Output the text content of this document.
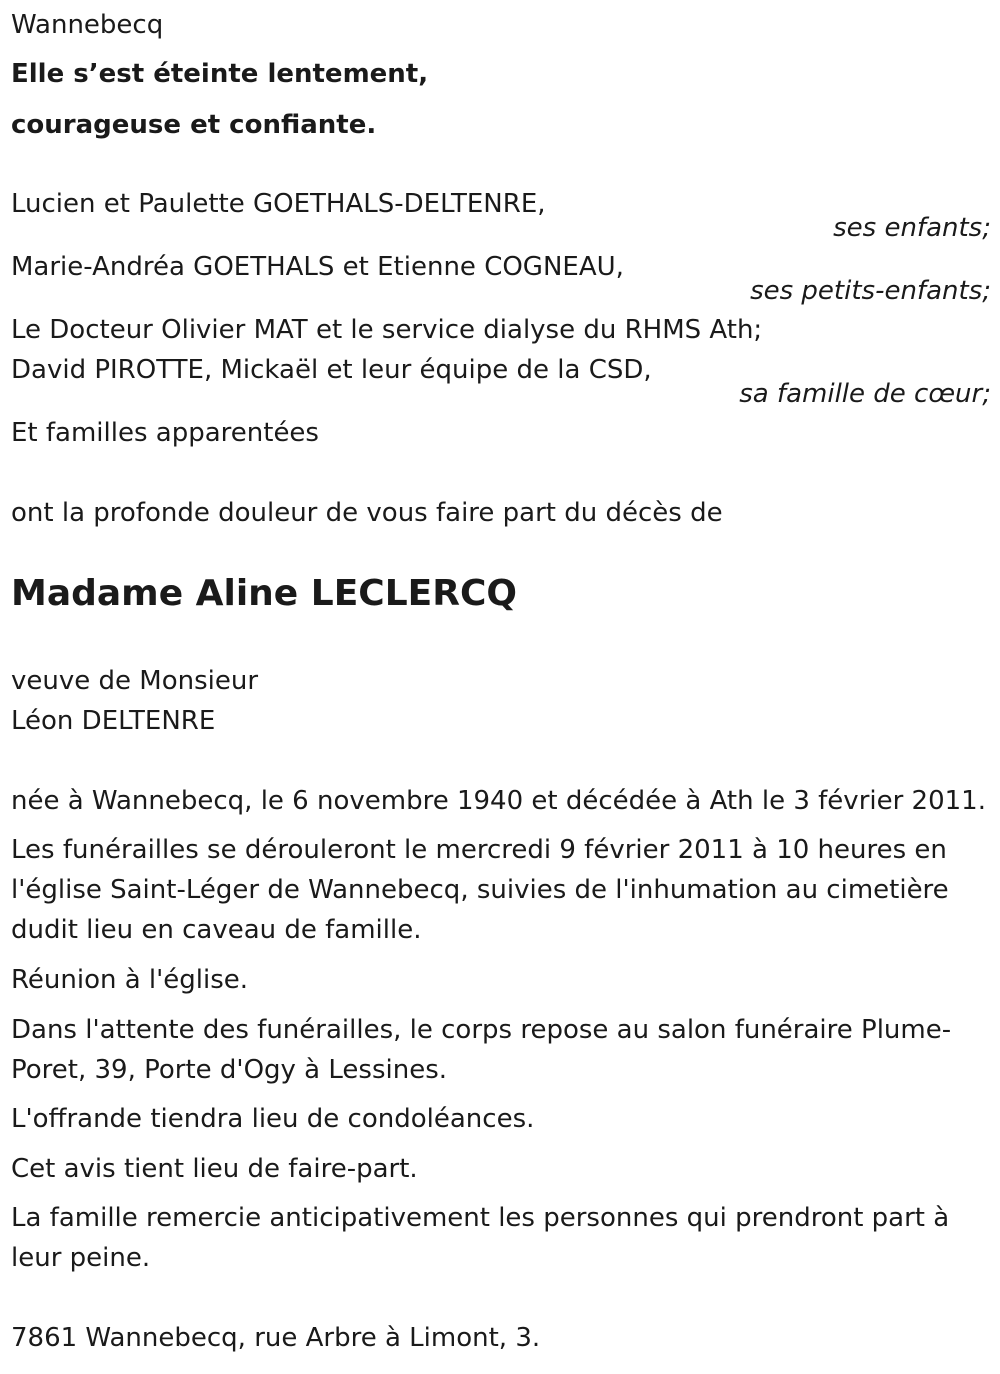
Wannebecq
Elle s’est éteinte lentement,
courageuse et confiante.
Lucien et Paulette GOETHALS-DELTENRE,
ses enfants;
Marie-Andréa GOETHALS et Etienne COGNEAU,
ses petits-enfants;
Le Docteur Olivier MAT et le service dialyse du RHMS Ath;
David PIROTTE, Mickaël et leur équipe de la CSD,
sa famille de cœur;
Et familles apparentées
ont la profonde douleur de vous faire part du décès de
Madame Aline LECLERCQ
veuve de Monsieur
Léon DELTENRE
née à Wannebecq, le 6 novembre 1940 et décédée à Ath le 3 février 2011.
Les funérailles se dérouleront le mercredi 9 février 2011 à 10 heures en
l'église Saint-Léger de Wannebecq, suivies de l'inhumation au cimetière
dudit lieu en caveau de famille.
Réunion à l'église.
Dans l'attente des funérailles, le corps repose au salon funéraire Plume-
Poret, 39, Porte d'Ogy à Lessines.
L'offrande tiendra lieu de condoléances.
Cet avis tient lieu de faire-part.
La famille remercie anticipativement les personnes qui prendront part à
leur peine.
7861 Wannebecq, rue Arbre à Limont, 3.
